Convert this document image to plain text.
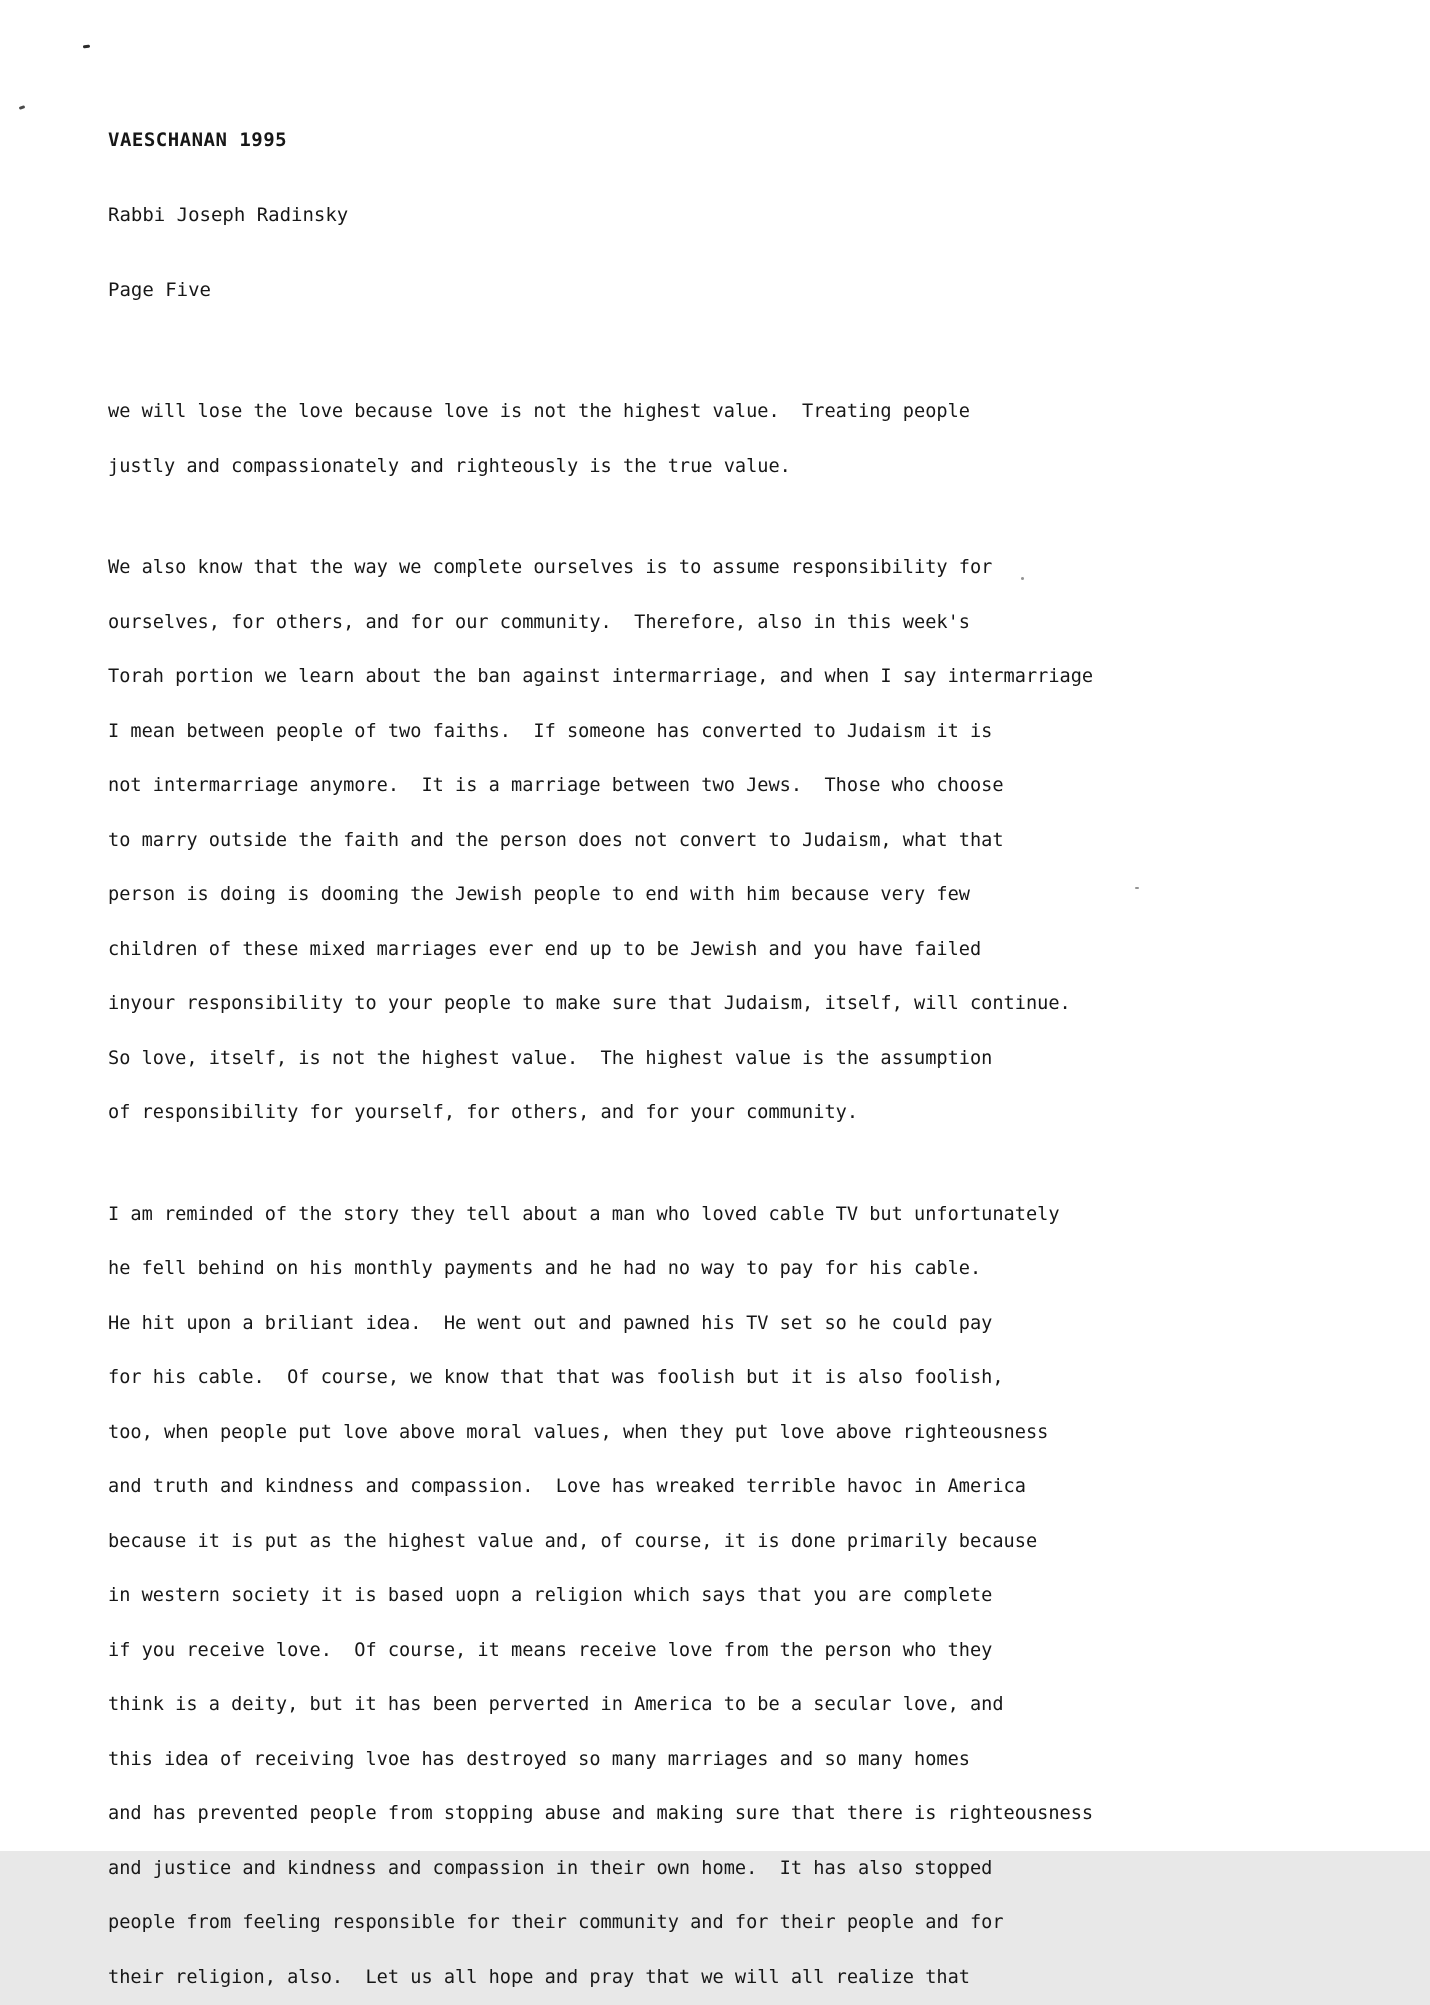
VAESCHANAN 1995

Rabbi Joseph Radinsky

Page Five

we will lose the love because love is not the highest value.  Treating people
justly and compassionately and righteously is the true value.
We also know that the way we complete ourselves is to assume responsibility for
ourselves, for others, and for our community.  Therefore, also in this week's
Torah portion we learn about the ban against intermarriage, and when I say intermarriage
I mean between people of two faiths.  If someone has converted to Judaism it is
not intermarriage anymore.  It is a marriage between two Jews.  Those who choose
to marry outside the faith and the person does not convert to Judaism, what that
person is doing is dooming the Jewish people to end with him because very few
children of these mixed marriages ever end up to be Jewish and you have failed
inyour responsibility to your people to make sure that Judaism, itself, will continue.
So love, itself, is not the highest value.  The highest value is the assumption
of responsibility for yourself, for others, and for your community.
I am reminded of the story they tell about a man who loved cable TV but unfortunately
he fell behind on his monthly payments and he had no way to pay for his cable.
He hit upon a briliant idea.  He went out and pawned his TV set so he could pay
for his cable.  Of course, we know that that was foolish but it is also foolish,
too, when people put love above moral values, when they put love above righteousness
and truth and kindness and compassion.  Love has wreaked terrible havoc in America
because it is put as the highest value and, of course, it is done primarily because
in western society it is based uopn a religion which says that you are complete
if you receive love.  Of course, it means receive love from the person who they
think is a deity, but it has been perverted in America to be a secular love, and
this idea of receiving lvoe has destroyed so many marriages and so many homes
and has prevented people from stopping abuse and making sure that there is righteousness
and justice and kindness and compassion in their own home.  It has also stopped
people from feeling responsible for their community and for their people and for
their religion, also.  Let us all hope and pray that we will all realize that
